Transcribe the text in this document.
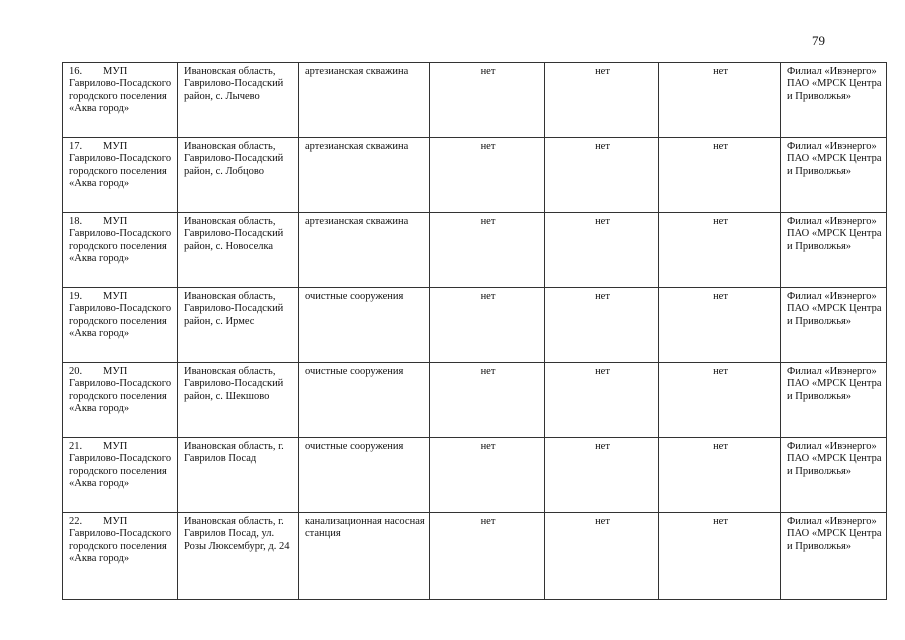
79
16. МУП Гаврилово-Посадского городского поселения «Аква город»	Ивановская область, Гаврилово-Посадский район, с. Лычево	артезианская скважина	нет	нет	нет	Филиал «Ивэнерго» ПАО «МРСК Центра и Приволжья»
17. МУП Гаврилово-Посадского городского поселения «Аква город»	Ивановская область, Гаврилово-Посадский район, с. Лобцово	артезианская скважина	нет	нет	нет	Филиал «Ивэнерго» ПАО «МРСК Центра и Приволжья»
18. МУП Гаврилово-Посадского городского поселения «Аква город»	Ивановская область, Гаврилово-Посадский район, с. Новоселка	артезианская скважина	нет	нет	нет	Филиал «Ивэнерго» ПАО «МРСК Центра и Приволжья»
19. МУП Гаврилово-Посадского городского поселения «Аква город»	Ивановская область, Гаврилово-Посадский район, с. Ирмес	очистные сооружения	нет	нет	нет	Филиал «Ивэнерго» ПАО «МРСК Центра и Приволжья»
20. МУП Гаврилово-Посадского городского поселения «Аква город»	Ивановская область, Гаврилово-Посадский район, с. Шекшово	очистные сооружения	нет	нет	нет	Филиал «Ивэнерго» ПАО «МРСК Центра и Приволжья»
21. МУП Гаврилово-Посадского городского поселения «Аква город»	Ивановская область, г. Гаврилов Посад	очистные сооружения	нет	нет	нет	Филиал «Ивэнерго» ПАО «МРСК Центра и Приволжья»
22. МУП Гаврилово-Посадского городского поселения «Аква город»	Ивановская область, г. Гаврилов Посад, ул. Розы Люксембург, д. 24	канализационная насосная станция	нет	нет	нет	Филиал «Ивэнерго» ПАО «МРСК Центра и Приволжья»
